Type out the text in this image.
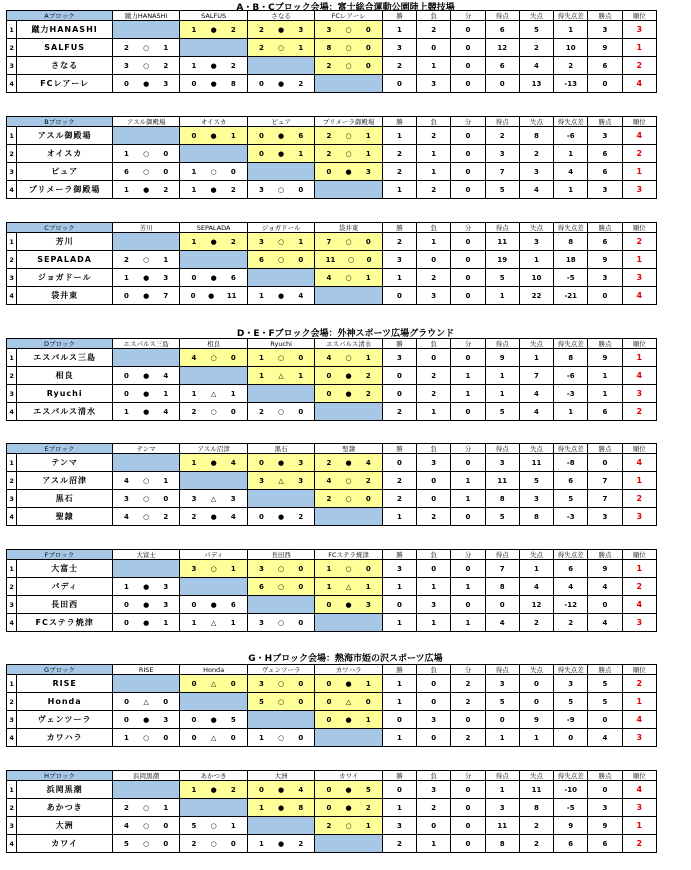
A・B・Cブロック会場：富士総合運動公園陸上競技場
D・E・Fブロック会場：外神スポーツ広場グラウンド
G・Hブロック会場：熱海市姫の沢スポーツ広場
Aブロック		蹴力HANASHI	SALFUS	さなる	FCレアーレ	勝	負	分	得点	失点	得失点差	勝点	順位
1	蹴力HANASHI		1 ● 2	2 ● 3	3 ○ 0	1	2	0	6	5	1	3	3
2	SALFUS	2 ○ 1		2 ○ 1	8 ○ 0	3	0	0	12	2	10	9	1
3	さなる	3 ○ 2	1 ● 2		2 ○ 0	2	1	0	6	4	2	6	2
4	FCレアーレ	0 ● 3	0 ● 8	0 ● 2		0	3	0	0	13	-13	0	4
Bブロック		アスル御殿場	オイスカ	ピュア	プリメーラ御殿場	勝	負	分	得点	失点	得失点差	勝点	順位
1	アスル御殿場		0 ● 1	0 ● 6	2 ○ 1	1	2	0	2	8	-6	3	4
2	オイスカ	1 ○ 0		0 ● 1	2 ○ 1	2	1	0	3	2	1	6	2
3	ピュア	6 ○ 0	1 ○ 0		0 ● 3	2	1	0	7	3	4	6	1
4	プリメーラ御殿場	1 ● 2	1 ● 2	3 ○ 0		1	2	0	5	4	1	3	3
Cブロック		芳川	SEPALADA	ジョガドール	袋井東	勝	負	分	得点	失点	得失点差	勝点	順位
1	芳川		1 ● 2	3 ○ 1	7 ○ 0	2	1	0	11	3	8	6	2
2	SEPALADA	2 ○ 1		6 ○ 0	11 ○ 0	3	0	0	19	1	18	9	1
3	ジョガドール	1 ● 3	0 ● 6		4 ○ 1	1	2	0	5	10	-5	3	3
4	袋井東	0 ● 7	0 ● 11	1 ● 4		0	3	0	1	22	-21	0	4
Dブロック		エスパルス三島	相良	Ryuchi	エスパルス清水	勝	負	分	得点	失点	得失点差	勝点	順位
1	エスパルス三島		4 ○ 0	1 ○ 0	4 ○ 1	3	0	0	9	1	8	9	1
2	相良	0 ● 4		1 △ 1	0 ● 2	0	2	1	1	7	-6	1	4
3	Ryuchi	0 ● 1	1 △ 1		0 ● 2	0	2	1	1	4	-3	1	3
4	エスパルス清水	1 ● 4	2 ○ 0	2 ○ 0		2	1	0	5	4	1	6	2
Eブロック		テンマ	アスル沼津	黒石	聖隷	勝	負	分	得点	失点	得失点差	勝点	順位
1	テンマ		1 ● 4	0 ● 3	2 ● 4	0	3	0	3	11	-8	0	4
2	アスル沼津	4 ○ 1		3 △ 3	4 ○ 2	2	0	1	11	5	6	7	1
3	黒石	3 ○ 0	3 △ 3		2 ○ 0	2	0	1	8	3	5	7	2
4	聖隷	4 ○ 2	2 ● 4	0 ● 2		1	2	0	5	8	-3	3	3
Fブロック		大富士	パディ	長田西	FCステラ焼津	勝	負	分	得点	失点	得失点差	勝点	順位
1	大富士		3 ○ 1	3 ○ 0	1 ○ 0	3	0	0	7	1	6	9	1
2	パディ	1 ● 3		6 ○ 0	1 △ 1	1	1	1	8	4	4	4	2
3	長田西	0 ● 3	0 ● 6		0 ● 3	0	3	0	0	12	-12	0	4
4	FCステラ焼津	0 ● 1	1 △ 1	3 ○ 0		1	1	1	4	2	2	4	3
Gブロック		RISE	Honda	ヴェンツーラ	カワハラ	勝	負	分	得点	失点	得失点差	勝点	順位
1	RISE		0 △ 0	3 ○ 0	0 ● 1	1	0	2	3	0	3	5	2
2	Honda	0 △ 0		5 ○ 0	0 △ 0	1	0	2	5	0	5	5	1
3	ヴェンツーラ	0 ● 3	0 ● 5		0 ● 1	0	3	0	0	9	-9	0	4
4	カワハラ	1 ○ 0	0 △ 0	1 ○ 0		1	0	2	1	1	0	4	3
Hブロック		浜岡黒潮	あかつき	大洲	カワイ	勝	負	分	得点	失点	得失点差	勝点	順位
1	浜岡黒潮		1 ● 2	0 ● 4	0 ● 5	0	3	0	1	11	-10	0	4
2	あかつき	2 ○ 1		1 ● 8	0 ● 2	1	2	0	3	8	-5	3	3
3	大洲	4 ○ 0	5 ○ 1		2 ○ 1	3	0	0	11	2	9	9	1
4	カワイ	5 ○ 0	2 ○ 0	1 ● 2		2	1	0	8	2	6	6	2
